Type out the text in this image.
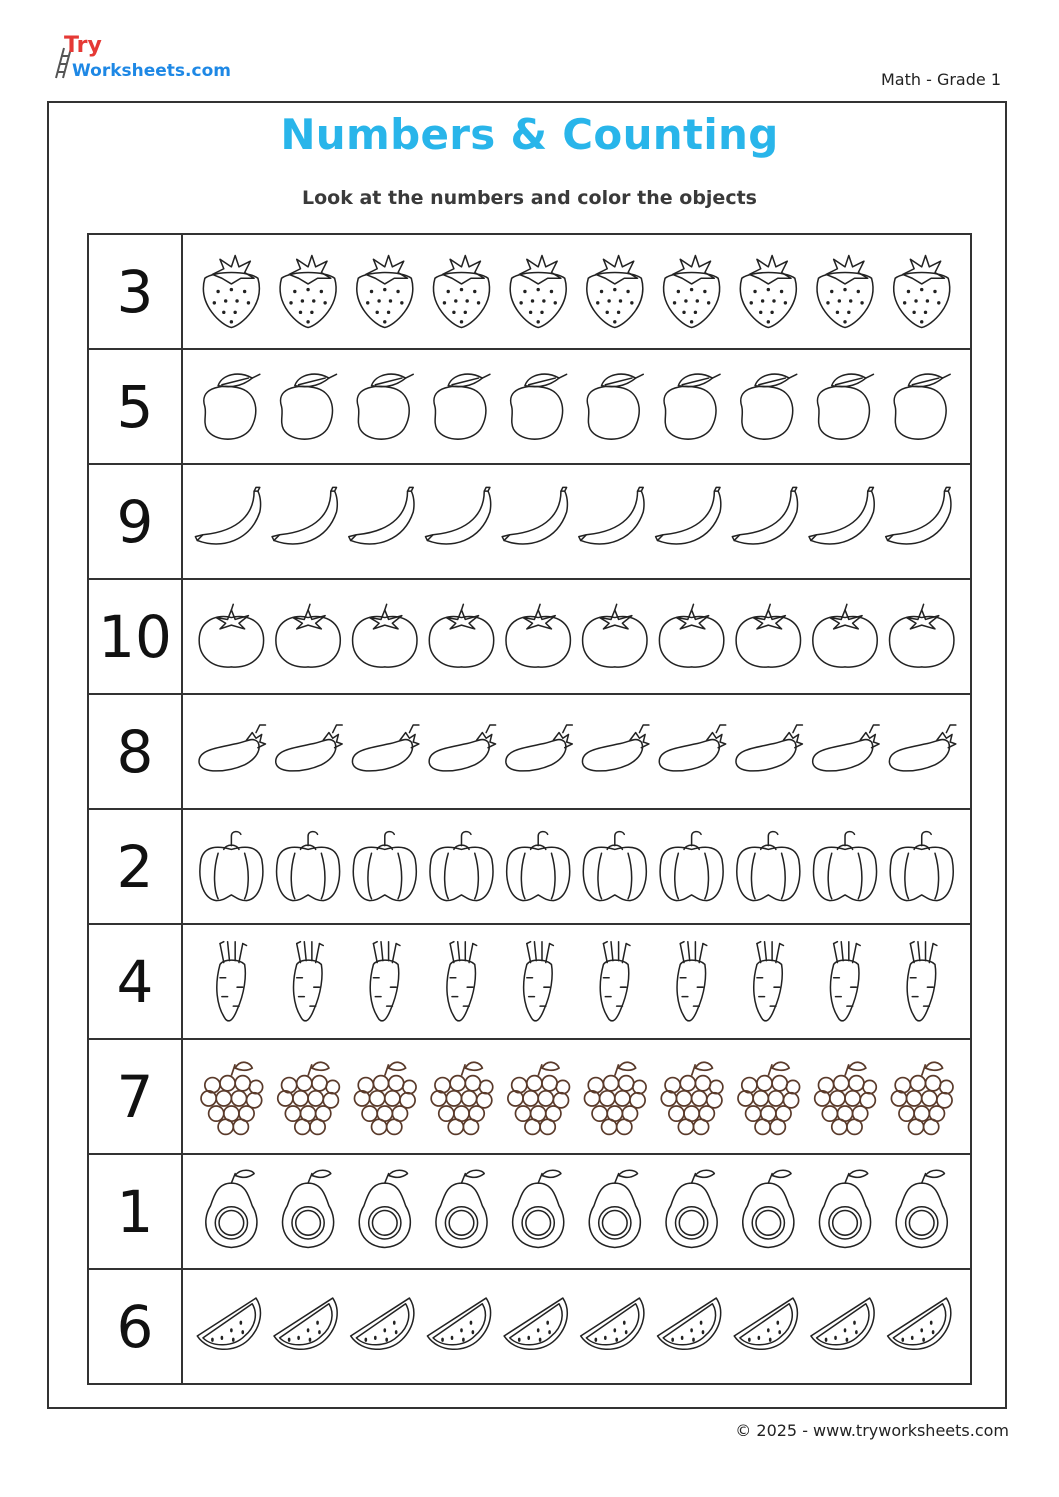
Try
Worksheets.com	Math - Grade 1
Numbers & Counting
Look at the numbers and color the objects
3	

5	

9	

10	

8	

2	

4	

7	

1	

6	
© 2025 - www.tryworksheets.com
